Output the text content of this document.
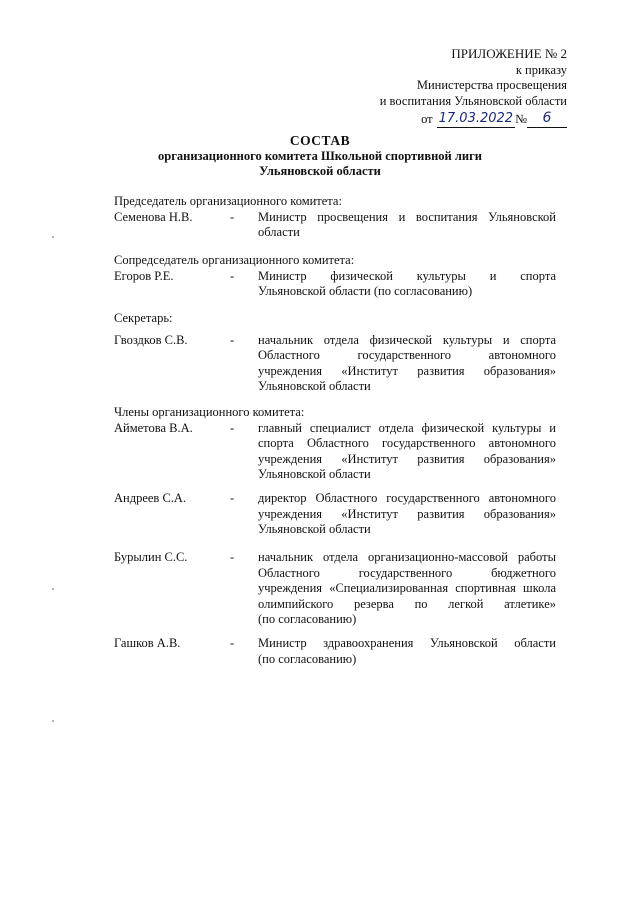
ПРИЛОЖЕНИЕ № 2
к приказу
Министерства просвещения
и воспитания Ульяновской области
от 17.03.2022 №	6
СОСТАВ
организационного комитета Школьной спортивной лиги
Ульяновской области
Председатель организационного комитета:
Семенова Н.В.	-	Министр просвещения и воспитания Ульяновской
области
Сопредседатель организационного комитета:
Егоров Р.Е.	-	Министр физической культуры и спорта
Ульяновской области (по согласованию)
Секретарь:
Гвоздков С.В.	-	начальник отдела физической культуры и спорта
Областного государственного автономного
учреждения «Институт развития образования»
Ульяновской области
Члены организационного комитета:
Айметова В.А.	-	главный специалист отдела физической культуры и
спорта Областного государственного автономного
учреждения «Институт развития образования»
Ульяновской области
Андреев С.А.	-	директор Областного государственного автономного
учреждения «Институт развития образования»
Ульяновской области
Бурылин С.С.	-	начальник отдела организационно-массовой работы
Областного государственного бюджетного
учреждения «Специализированная спортивная школа
олимпийского резерва по легкой атлетике»
(по согласованию)
Гашков А.В.	-	Министр здравоохранения Ульяновской области
(по согласованию)
